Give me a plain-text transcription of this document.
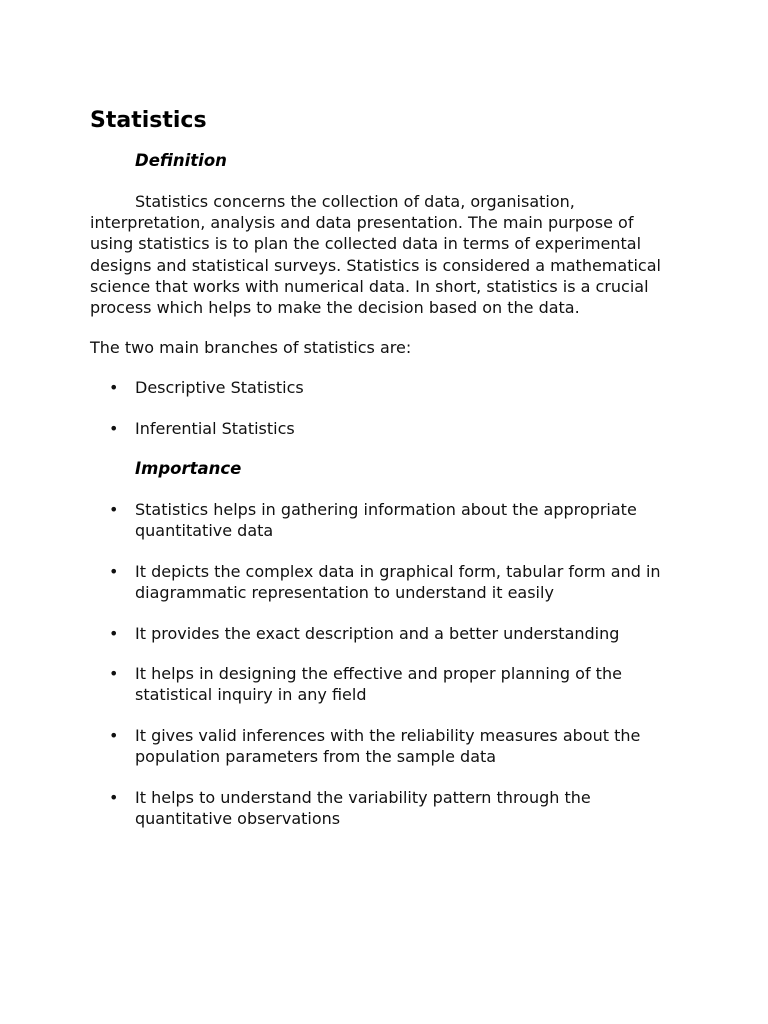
Statistics
Definition

Statistics concerns the collection of data, organisation, interpretation, analysis and data presentation. The main purpose of using statistics is to plan the collected data in terms of experimental designs and statistical surveys. Statistics is considered a mathematical science that works with numerical data. In short, statistics is a crucial process which helps to make the decision based on the data.

The two main branches of statistics are:

• Descriptive Statistics
• Inferential Statistics
Importance
• Statistics helps in gathering information about the appropriate quantitative data
• It depicts the complex data in graphical form, tabular form and in diagrammatic representation to understand it easily
• It provides the exact description and a better understanding
• It helps in designing the effective and proper planning of the statistical inquiry in any field
• It gives valid inferences with the reliability measures about the population parameters from the sample data
• It helps to understand the variability pattern through the quantitative observations
